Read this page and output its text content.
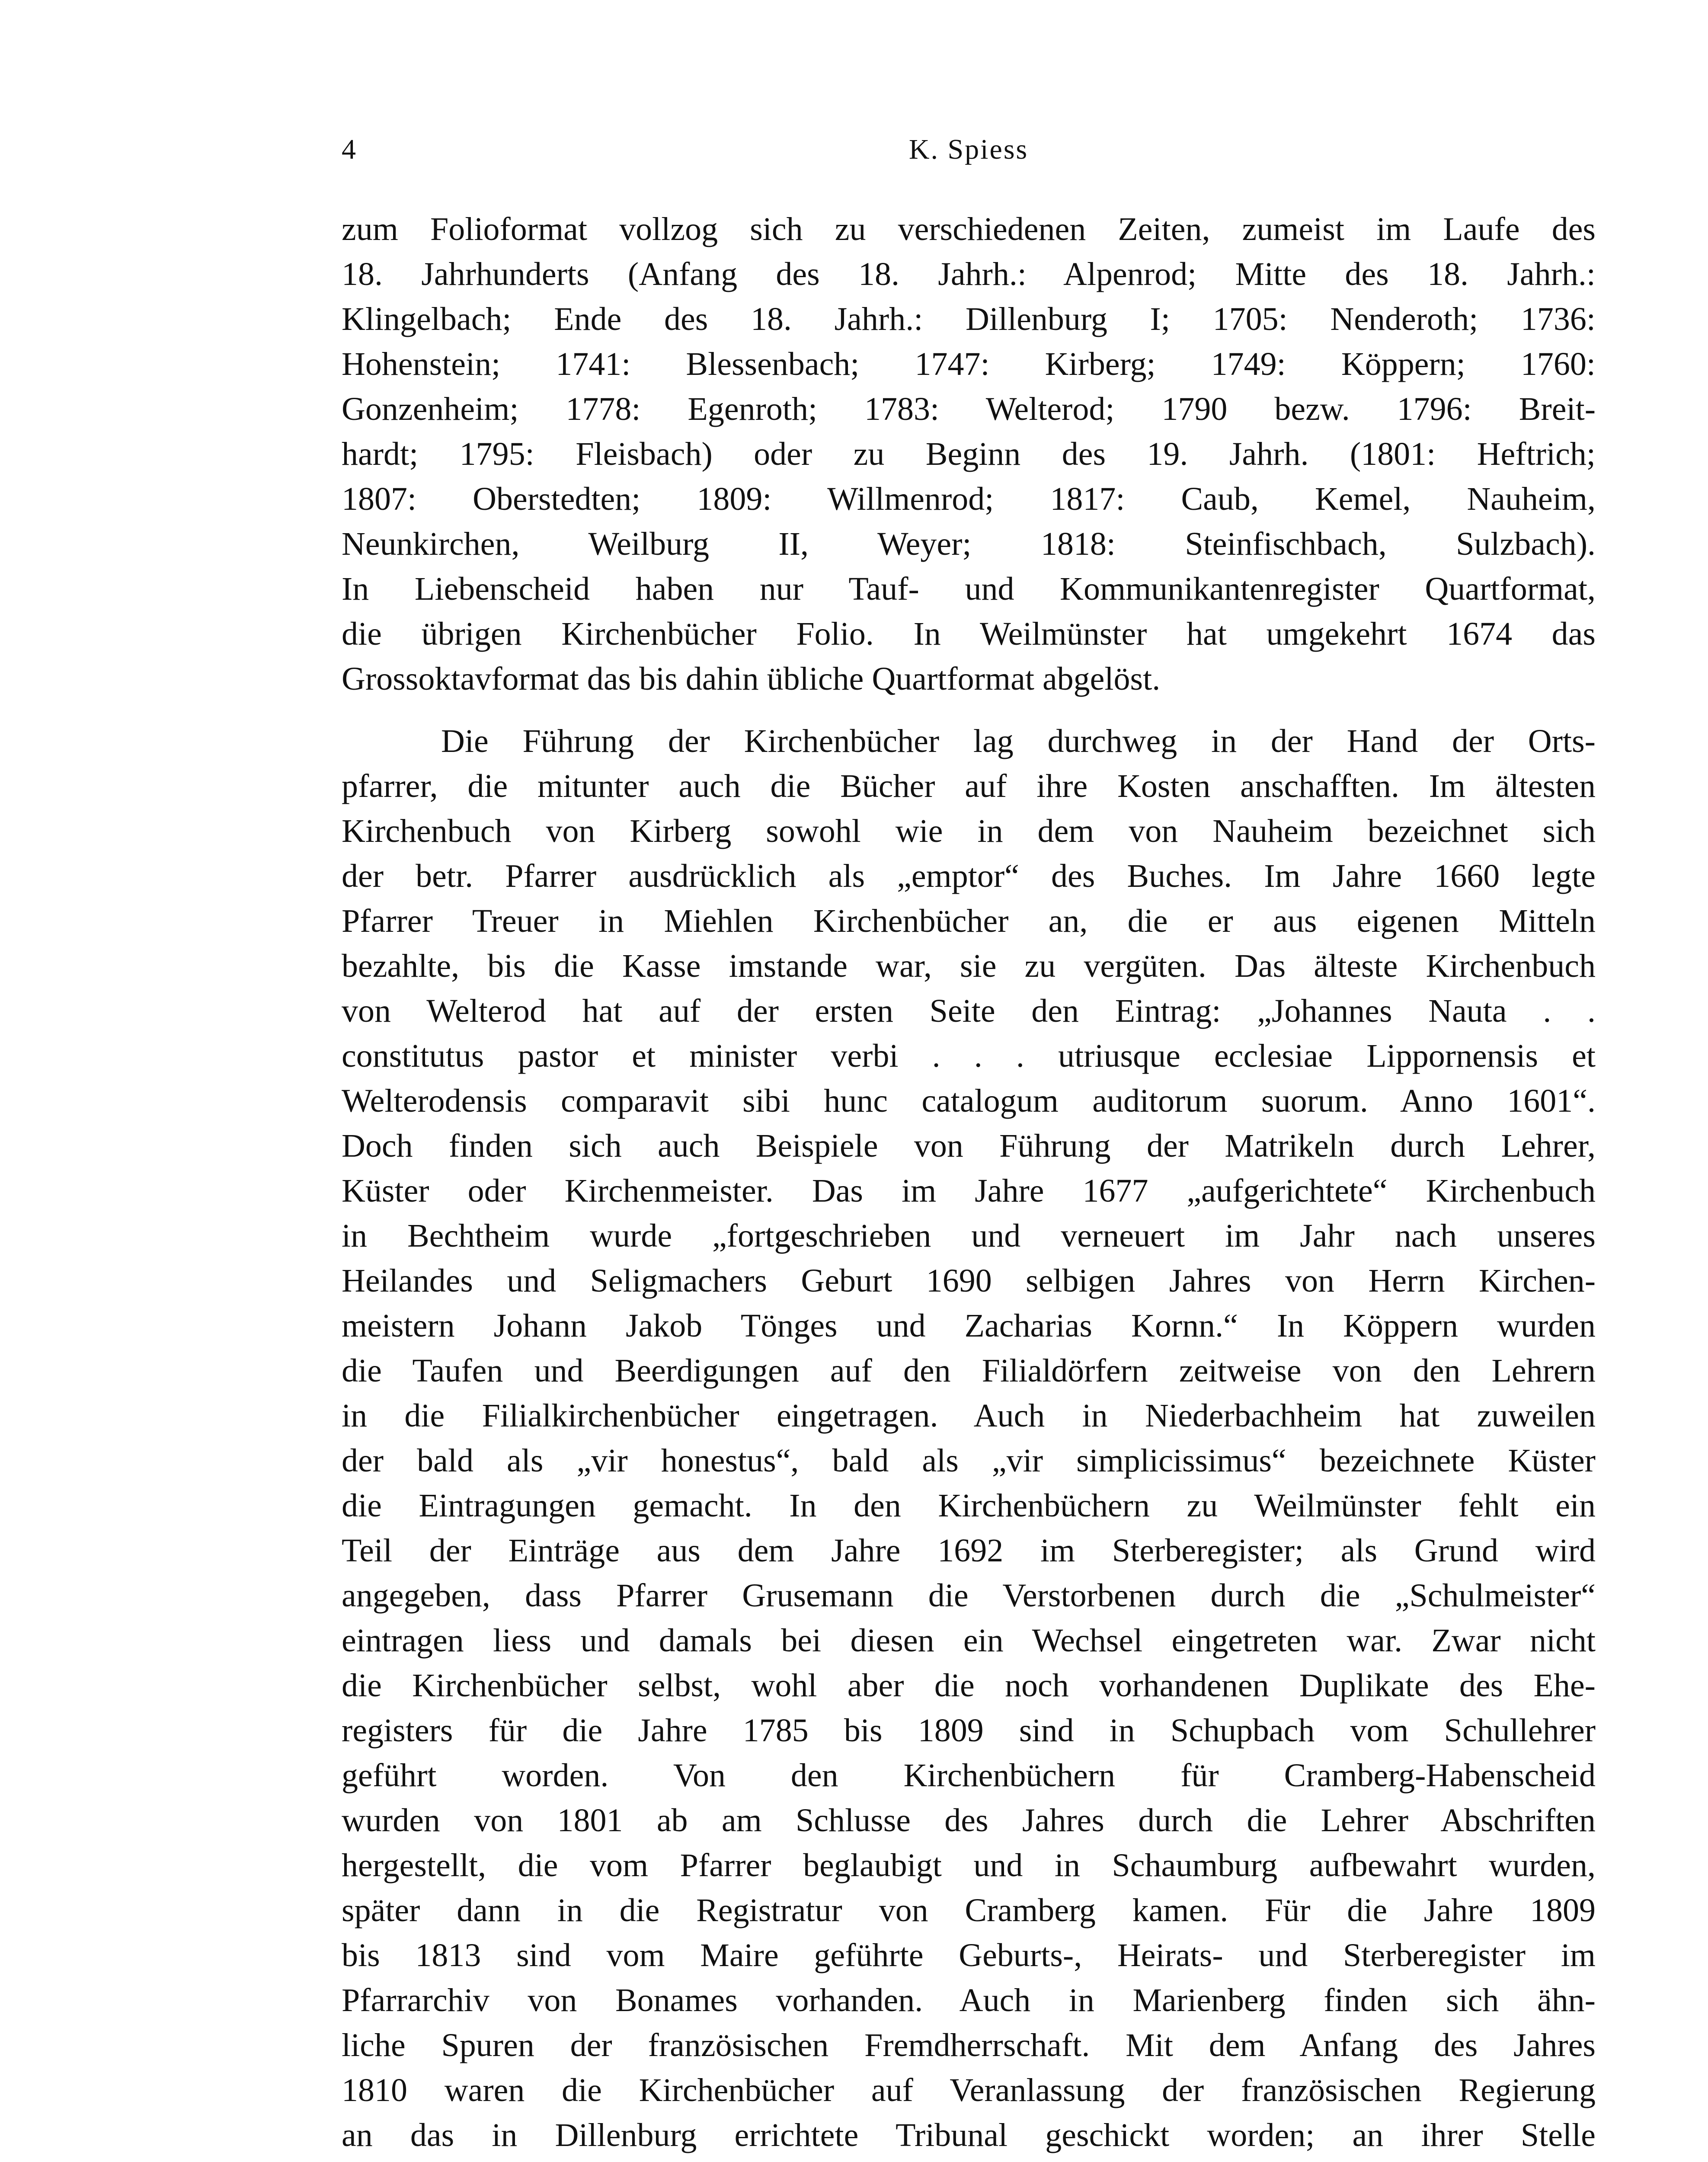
4	K. Spiess
zum Folioformat vollzog sich zu verschiedenen Zeiten, zumeist im Laufe des
18. Jahrhunderts (Anfang des 18. Jahrh.: Alpenrod; Mitte des 18. Jahrh.:
Klingelbach; Ende des 18. Jahrh.: Dillenburg I; 1705: Nenderoth; 1736:
Hohenstein; 1741: Blessenbach; 1747: Kirberg; 1749: Köppern; 1760:
Gonzenheim; 1778: Egenroth; 1783: Welterod; 1790 bezw. 1796: Breit-
hardt; 1795: Fleisbach) oder zu Beginn des 19. Jahrh. (1801: Heftrich;
1807: Oberstedten; 1809: Willmenrod; 1817: Caub, Kemel, Nauheim,
Neunkirchen, Weilburg II, Weyer; 1818: Steinfischbach, Sulzbach).
In Liebenscheid haben nur Tauf- und Kommunikantenregister Quartformat,
die übrigen Kirchenbücher Folio. In Weilmünster hat umgekehrt 1674 das
Grossoktavformat das bis dahin übliche Quartformat abgelöst.
Die Führung der Kirchenbücher lag durchweg in der Hand der Orts-
pfarrer, die mitunter auch die Bücher auf ihre Kosten anschafften. Im ältesten
Kirchenbuch von Kirberg sowohl wie in dem von Nauheim bezeichnet sich
der betr. Pfarrer ausdrücklich als „emptor“ des Buches. Im Jahre 1660 legte
Pfarrer Treuer in Miehlen Kirchenbücher an, die er aus eigenen Mitteln
bezahlte, bis die Kasse imstande war, sie zu vergüten. Das älteste Kirchenbuch
von Welterod hat auf der ersten Seite den Eintrag: „Johannes Nauta . .
constitutus pastor et minister verbi . . . utriusque ecclesiae Lippornensis et
Welterodensis comparavit sibi hunc catalogum auditorum suorum. Anno 1601“.
Doch finden sich auch Beispiele von Führung der Matrikeln durch Lehrer,
Küster oder Kirchenmeister. Das im Jahre 1677 „aufgerichtete“ Kirchenbuch
in Bechtheim wurde „fortgeschrieben und verneuert im Jahr nach unseres
Heilandes und Seligmachers Geburt 1690 selbigen Jahres von Herrn Kirchen-
meistern Johann Jakob Tönges und Zacharias Kornn.“ In Köppern wurden
die Taufen und Beerdigungen auf den Filialdörfern zeitweise von den Lehrern
in die Filialkirchenbücher eingetragen. Auch in Niederbachheim hat zuweilen
der bald als „vir honestus“, bald als „vir simplicissimus“ bezeichnete Küster
die Eintragungen gemacht. In den Kirchenbüchern zu Weilmünster fehlt ein
Teil der Einträge aus dem Jahre 1692 im Sterberegister; als Grund wird
angegeben, dass Pfarrer Grusemann die Verstorbenen durch die „Schulmeister“
eintragen liess und damals bei diesen ein Wechsel eingetreten war. Zwar nicht
die Kirchenbücher selbst, wohl aber die noch vorhandenen Duplikate des Ehe-
registers für die Jahre 1785 bis 1809 sind in Schupbach vom Schullehrer
geführt worden. Von den Kirchenbüchern für Cramberg-Habenscheid
wurden von 1801 ab am Schlusse des Jahres durch die Lehrer Abschriften
hergestellt, die vom Pfarrer beglaubigt und in Schaumburg aufbewahrt wurden,
später dann in die Registratur von Cramberg kamen. Für die Jahre 1809
bis 1813 sind vom Maire geführte Geburts-, Heirats- und Sterberegister im
Pfarrarchiv von Bonames vorhanden. Auch in Marienberg finden sich ähn-
liche Spuren der französischen Fremdherrschaft. Mit dem Anfang des Jahres
1810 waren die Kirchenbücher auf Veranlassung der französischen Regierung
an das in Dillenburg errichtete Tribunal geschickt worden; an ihrer Stelle
